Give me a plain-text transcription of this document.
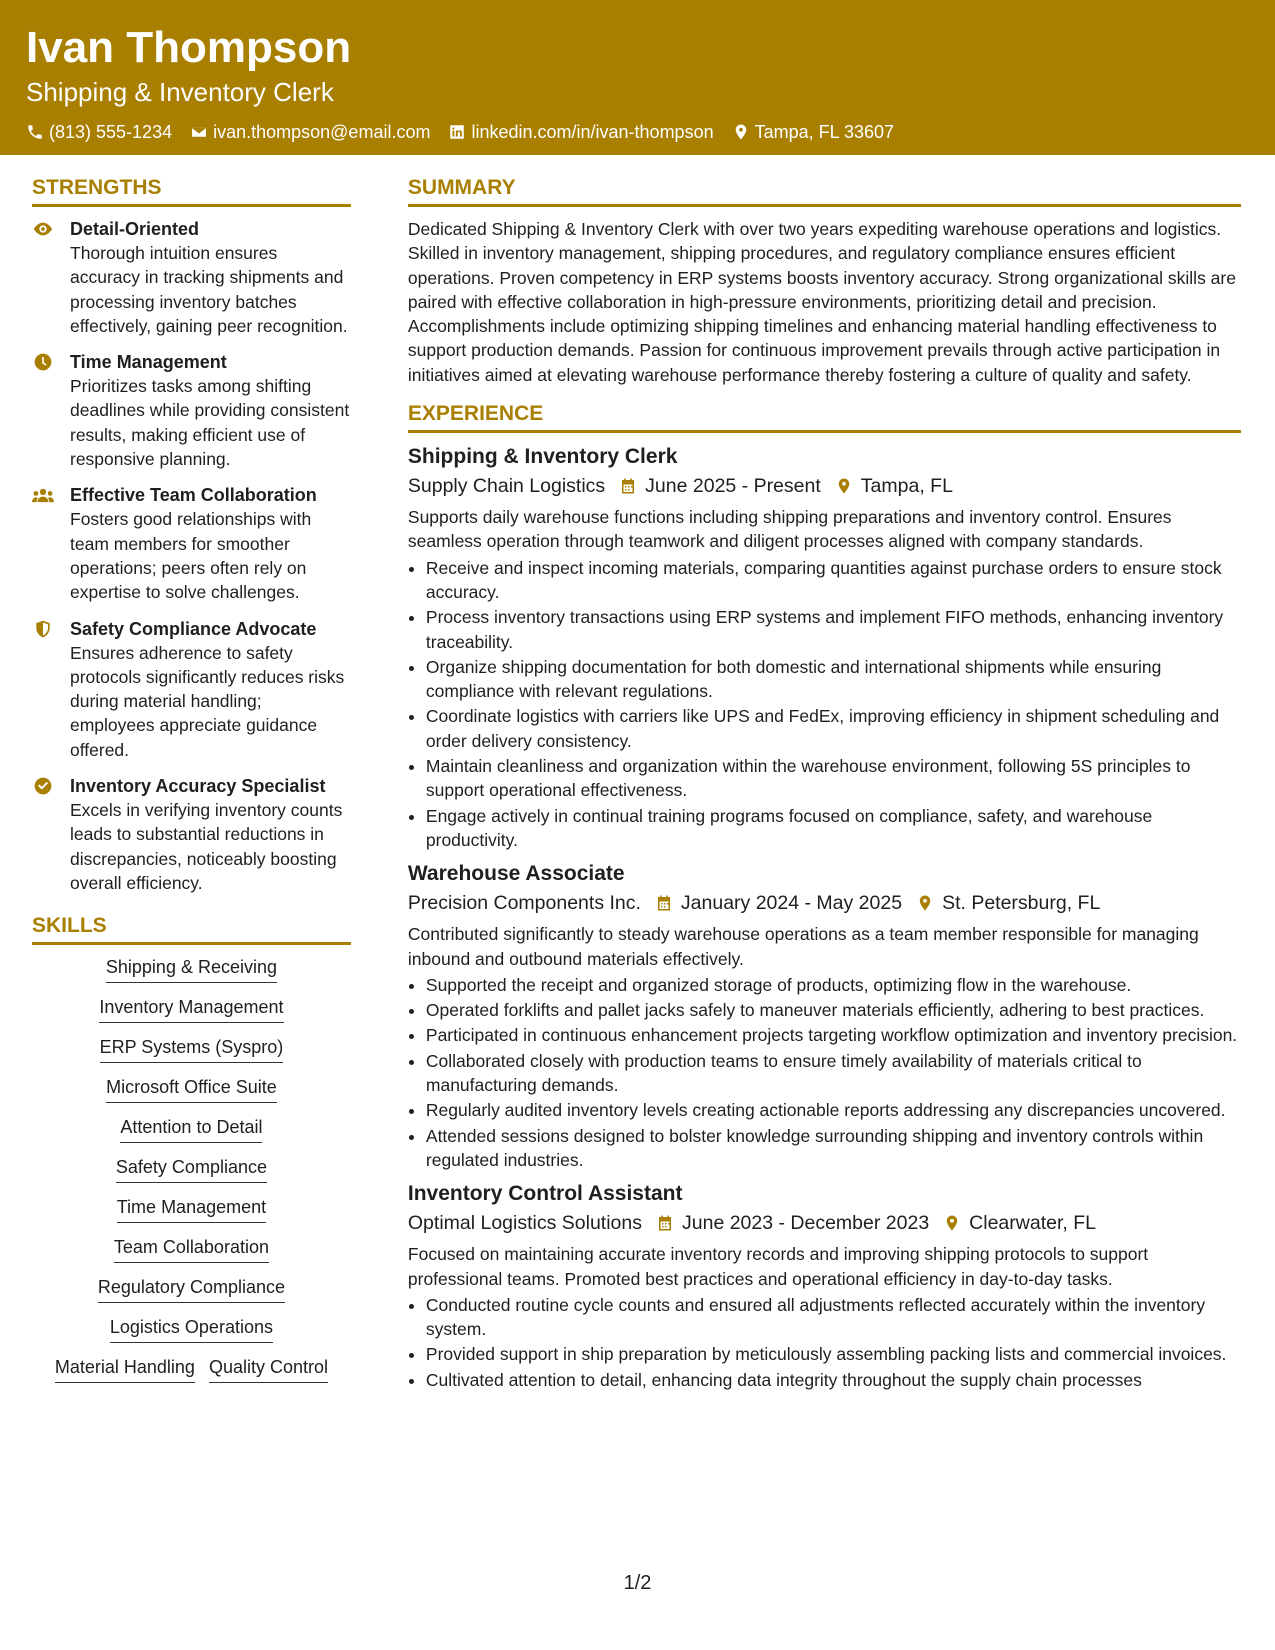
Ivan Thompson
Shipping & Inventory Clerk
(813) 555-1234 ivan.thompson@email.com linkedin.com/in/ivan-thompson Tampa, FL 33607
STRENGTHS
Detail-Oriented
Thorough intuition ensures accuracy in tracking shipments and processing inventory batches effectively, gaining peer recognition.
Time Management
Prioritizes tasks among shifting deadlines while providing consistent results, making efficient use of responsive planning.
Effective Team Collaboration
Fosters good relationships with team members for smoother operations; peers often rely on expertise to solve challenges.
Safety Compliance Advocate
Ensures adherence to safety protocols significantly reduces risks during material handling; employees appreciate guidance offered.
Inventory Accuracy Specialist
Excels in verifying inventory counts leads to substantial reductions in discrepancies, noticeably boosting overall efficiency.
SKILLS
Shipping & Receiving
Inventory Management
ERP Systems (Syspro)
Microsoft Office Suite
Attention to Detail
Safety Compliance
Time Management
Team Collaboration
Regulatory Compliance
Logistics Operations
Material Handling Quality Control
SUMMARY
Dedicated Shipping & Inventory Clerk with over two years expediting warehouse operations and logistics. Skilled in inventory management, shipping procedures, and regulatory compliance ensures efficient operations. Proven competency in ERP systems boosts inventory accuracy. Strong organizational skills are paired with effective collaboration in high-pressure environments, prioritizing detail and precision. Accomplishments include optimizing shipping timelines and enhancing material handling effectiveness to support production demands. Passion for continuous improvement prevails through active participation in initiatives aimed at elevating warehouse performance thereby fostering a culture of quality and safety.
EXPERIENCE
Shipping & Inventory Clerk
Supply Chain Logistics June 2025 - Present Tampa, FL
Supports daily warehouse functions including shipping preparations and inventory control. Ensures seamless operation through teamwork and diligent processes aligned with company standards.
• Receive and inspect incoming materials, comparing quantities against purchase orders to ensure stock accuracy.
• Process inventory transactions using ERP systems and implement FIFO methods, enhancing inventory traceability.
• Organize shipping documentation for both domestic and international shipments while ensuring compliance with relevant regulations.
• Coordinate logistics with carriers like UPS and FedEx, improving efficiency in shipment scheduling and order delivery consistency.
• Maintain cleanliness and organization within the warehouse environment, following 5S principles to support operational effectiveness.
• Engage actively in continual training programs focused on compliance, safety, and warehouse productivity.
Warehouse Associate
Precision Components Inc. January 2024 - May 2025 St. Petersburg, FL
Contributed significantly to steady warehouse operations as a team member responsible for managing inbound and outbound materials effectively.
• Supported the receipt and organized storage of products, optimizing flow in the warehouse.
• Operated forklifts and pallet jacks safely to maneuver materials efficiently, adhering to best practices.
• Participated in continuous enhancement projects targeting workflow optimization and inventory precision.
• Collaborated closely with production teams to ensure timely availability of materials critical to manufacturing demands.
• Regularly audited inventory levels creating actionable reports addressing any discrepancies uncovered.
• Attended sessions designed to bolster knowledge surrounding shipping and inventory controls within regulated industries.
Inventory Control Assistant
Optimal Logistics Solutions June 2023 - December 2023 Clearwater, FL
Focused on maintaining accurate inventory records and improving shipping protocols to support professional teams. Promoted best practices and operational efficiency in day-to-day tasks.
• Conducted routine cycle counts and ensured all adjustments reflected accurately within the inventory system.
• Provided support in ship preparation by meticulously assembling packing lists and commercial invoices.
• Cultivated attention to detail, enhancing data integrity throughout the supply chain processes
1/2
